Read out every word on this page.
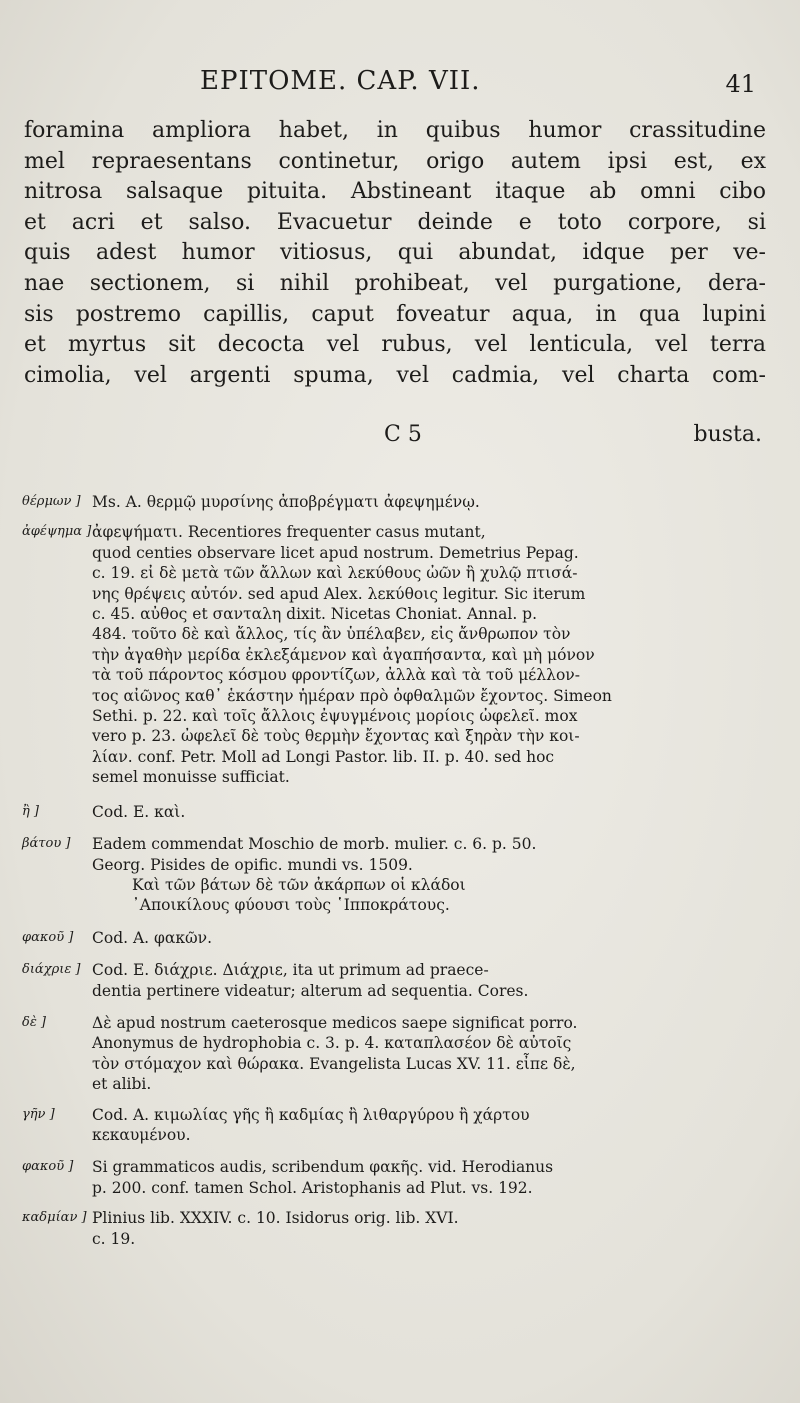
EPITOME. CAP. VII.	41
foramina ampliora habet, in quibus humor crassitudine
mel repraesentans continetur, origo autem ipsi est, ex
nitrosa salsaque pituita. Abstineant itaque ab omni cibo
et acri et salso. Evacuetur deinde e toto corpore, si
quis adest humor vitiosus, qui abundat, idque per ve-
nae sectionem, si nihil prohibeat, vel purgatione, dera-
sis postremo capillis, caput foveatur aqua, in qua lupini
et myrtus sit decocta vel rubus, vel lenticula, vel terra
cimolia, vel argenti spuma, vel cadmia, vel charta com-
C 5	busta.
θέρμων ] Ms. A. θερμῷ μυρσίνης ἀποβρέγματι ἀφεψημένῳ.
ἀφέψημα ] ἀφεψήματι. Recentiores frequenter casus mutant,
quod centies observare licet apud nostrum. Demetrius Pepag.
c. 19. εἰ δὲ μετὰ τῶν ἄλλων καὶ λεκύθους ὠῶν ἢ χυλῷ πτισά-
νης θρέψεις αὐτόν. sed apud Alex. λεκύθοις legitur. Sic iterum
c. 45. αὐθος et σανταλη dixit. Nicetas Choniat. Annal. p.
484. τοῦτο δὲ καὶ ἄλλος, τίς ἂν ὑπέλαβεν, εἰς ἄνθρωπον τὸν
τὴν ἀγαθὴν μερίδα ἐκλεξάμενον καὶ ἀγαπήσαντα, καὶ μὴ μόνον
τὰ τοῦ πάροντος κόσμου φροντίζων, ἀλλὰ καὶ τὰ τοῦ μέλλον-
τος αἰῶνος καθ᾽ ἑκάστην ἡμέραν πρὸ ὀφθαλμῶν ἔχοντος. Simeon
Sethi. p. 22. καὶ τοῖς ἄλλοις ἐψυγμένοις μορίοις ὠφελεῖ. mox
vero p. 23. ὠφελεῖ δὲ τοὺς θερμὴν ἔχοντας καὶ ξηρὰν τὴν κοι-
λίαν. conf. Petr. Moll ad Longi Pastor. lib. II. p. 40. sed hoc
semel monuisse sufficiat.
ἢ ]	Cod. E. καὶ.
βάτου ]	Eadem commendat Moschio de morb. mulier. c. 6. p. 50.
Georg. Pisides de opific. mundi vs. 1509.
Καὶ τῶν βάτων δὲ τῶν ἀκάρπων οἱ κλάδοι
᾿Αποικίλους φύουσι τοὺς ῾Ιπποκράτους.
φακοῦ ]	Cod. A. φακῶν.
διάχριε ] Cod. E. διάχριε. Διάχριε, ita ut primum ad praece-
dentia pertinere videatur; alterum ad sequentia. Cores.
δὲ ]	Δὲ apud nostrum caeterosque medicos saepe significat porro.
Anonymus de hydrophobia c. 3. p. 4. καταπλασέον δὲ αὐτοῖς
τὸν στόμαχον καὶ θώρακα. Evangelista Lucas XV. 11. εἶπε δὲ,
et alibi.
γῆν ]	Cod. A. κιμωλίας γῆς ἢ καδμίας ἢ λιθαργύρου ἢ χάρτου
κεκαυμένου.
φακοῦ ]	Si grammaticos audis, scribendum φακῆς. vid. Herodianus
p. 200. conf. tamen Schol. Aristophanis ad Plut. vs. 192.
καδμίαν ] Plinius lib. XXXIV. c. 10. Isidorus orig. lib. XVI.
c. 19.
